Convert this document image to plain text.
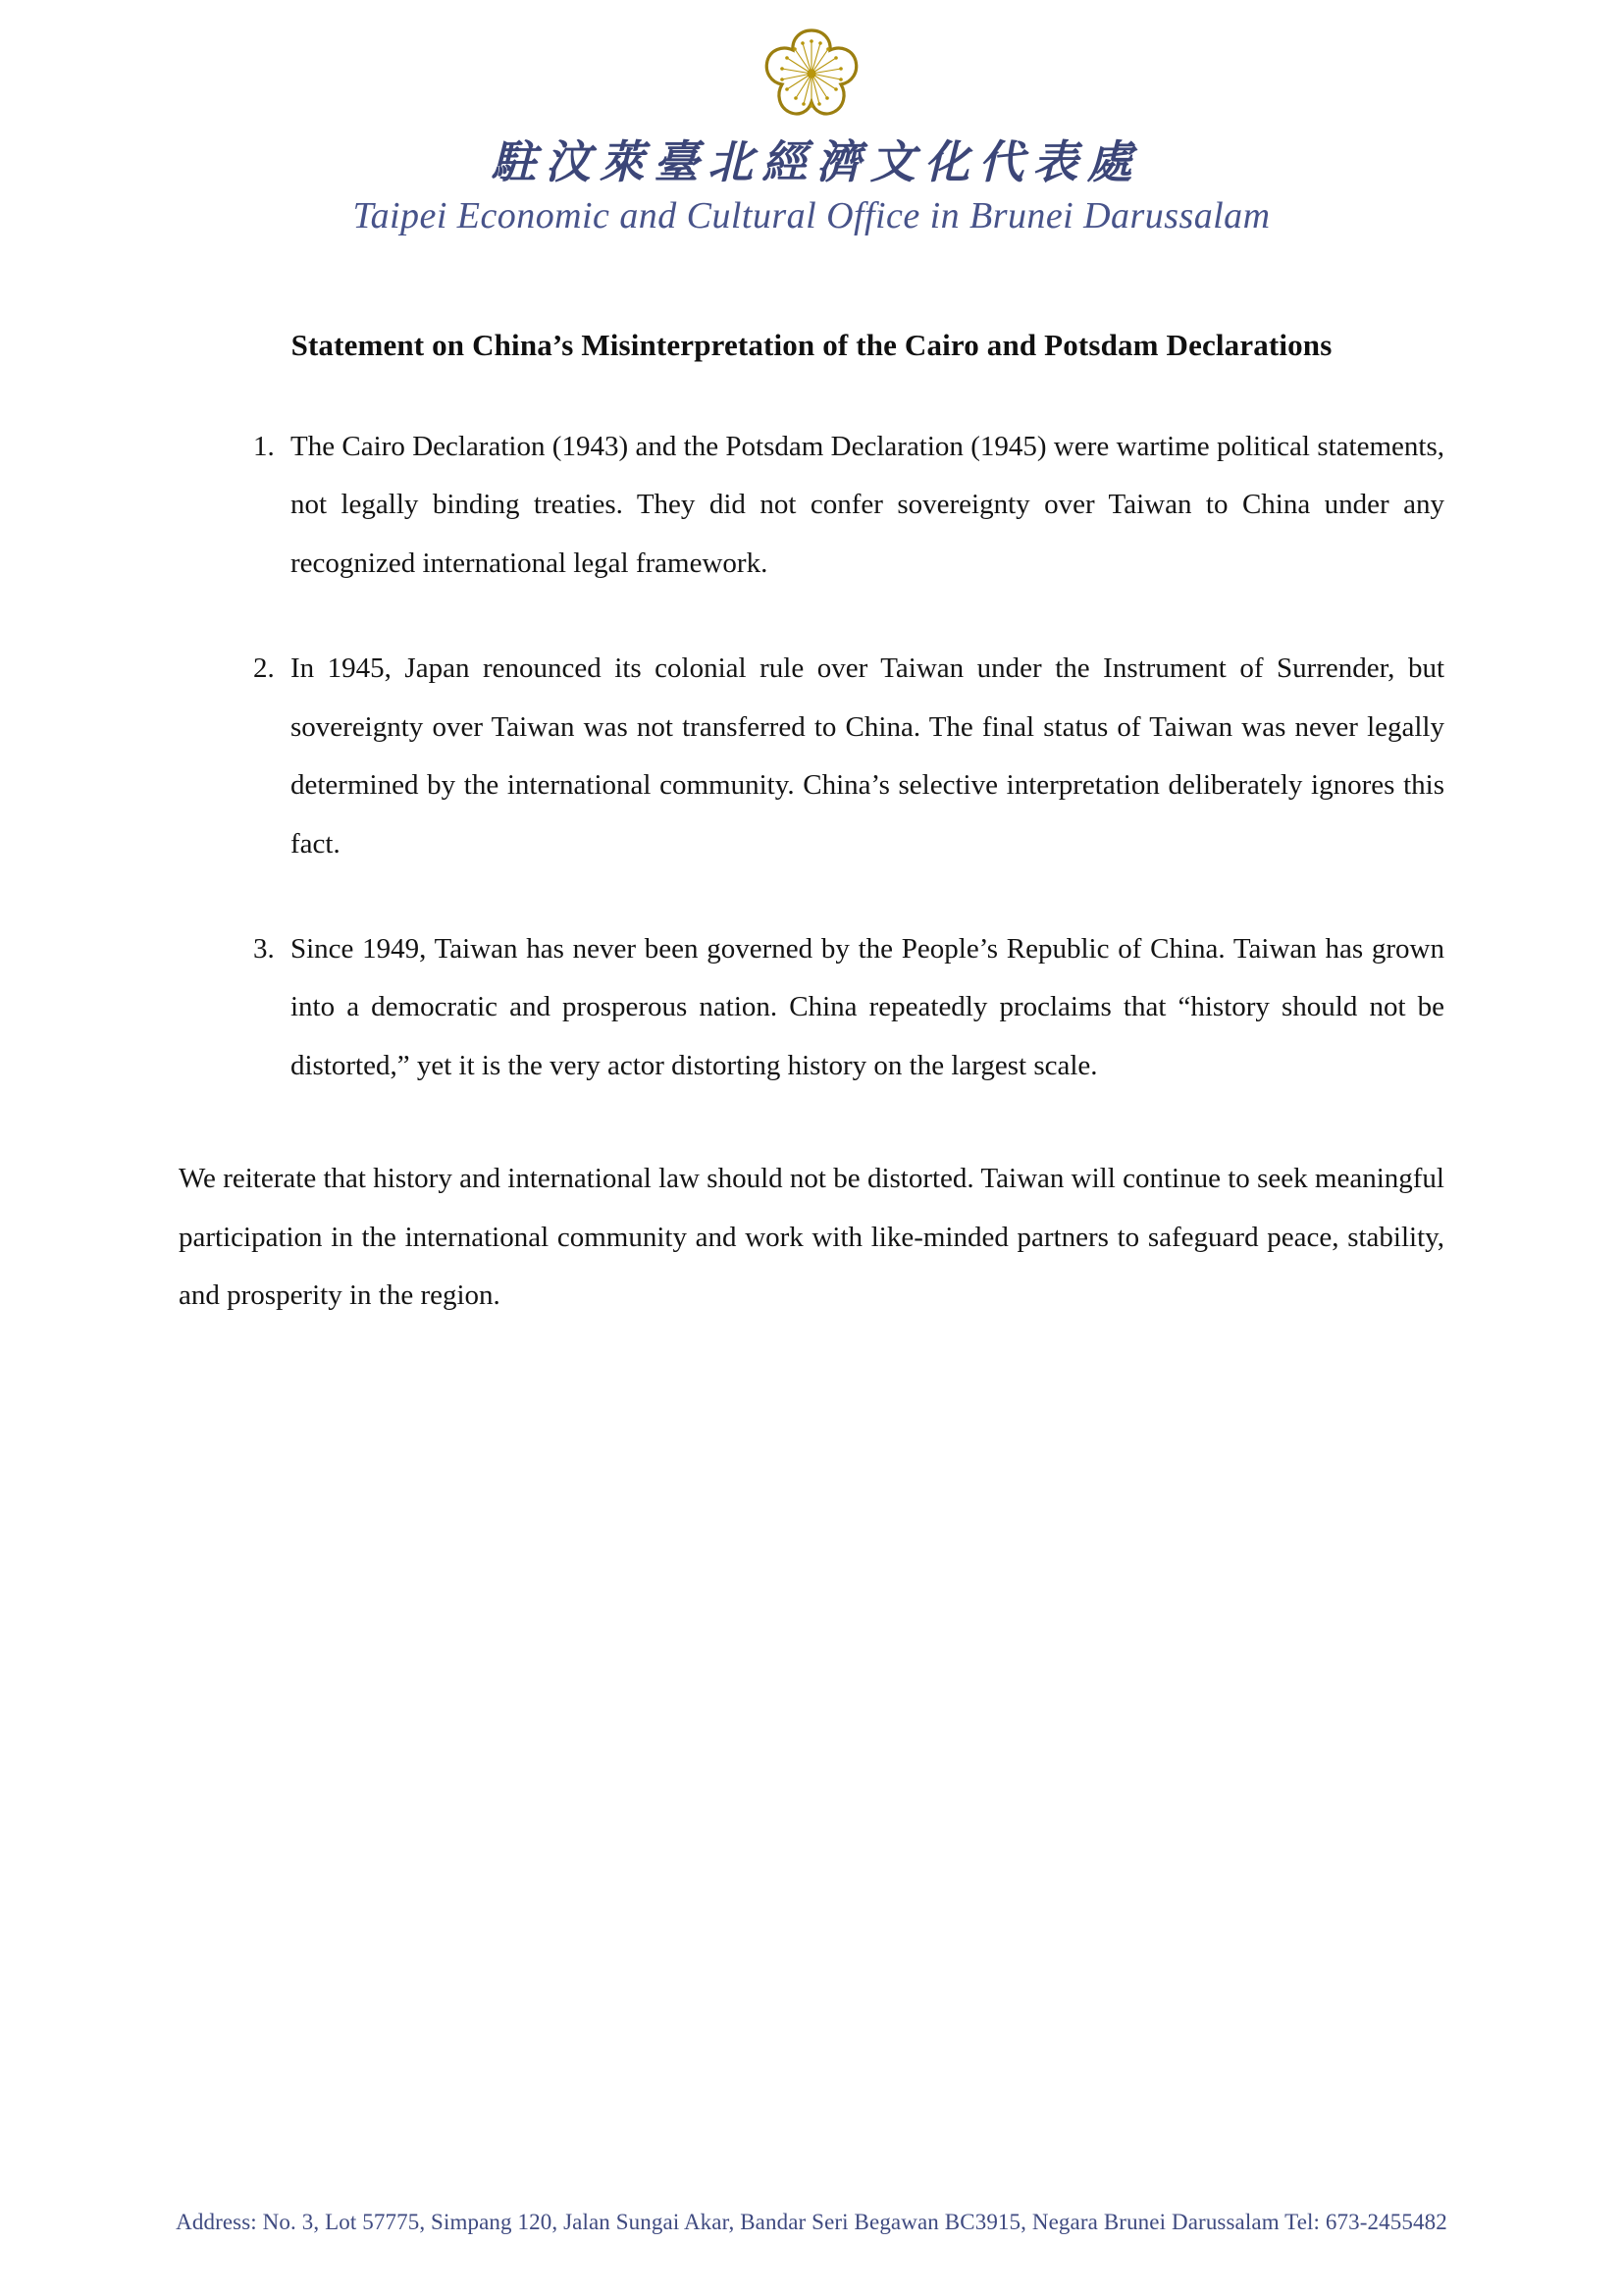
駐汶萊臺北經濟文化代表處
Taipei Economic and Cultural Office in Brunei Darussalam
Statement on China’s Misinterpretation of the Cairo and Potsdam Declarations
1. The Cairo Declaration (1943) and the Potsdam Declaration (1945) were wartime political statements, not legally binding treaties. They did not confer sovereignty over Taiwan to China under any recognized international legal framework.
2. In 1945, Japan renounced its colonial rule over Taiwan under the Instrument of Surrender, but sovereignty over Taiwan was not transferred to China. The final status of Taiwan was never legally determined by the international community. China’s selective interpretation deliberately ignores this fact.
3. Since 1949, Taiwan has never been governed by the People’s Republic of China. Taiwan has grown into a democratic and prosperous nation. China repeatedly proclaims that “history should not be distorted,” yet it is the very actor distorting history on the largest scale.

We reiterate that history and international law should not be distorted. Taiwan will continue to seek meaningful participation in the international community and work with like-minded partners to safeguard peace, stability, and prosperity in the region.

Address: No. 3, Lot 57775, Simpang 120, Jalan Sungai Akar, Bandar Seri Begawan BC3915, Negara Brunei Darussalam Tel: 673-2455482
